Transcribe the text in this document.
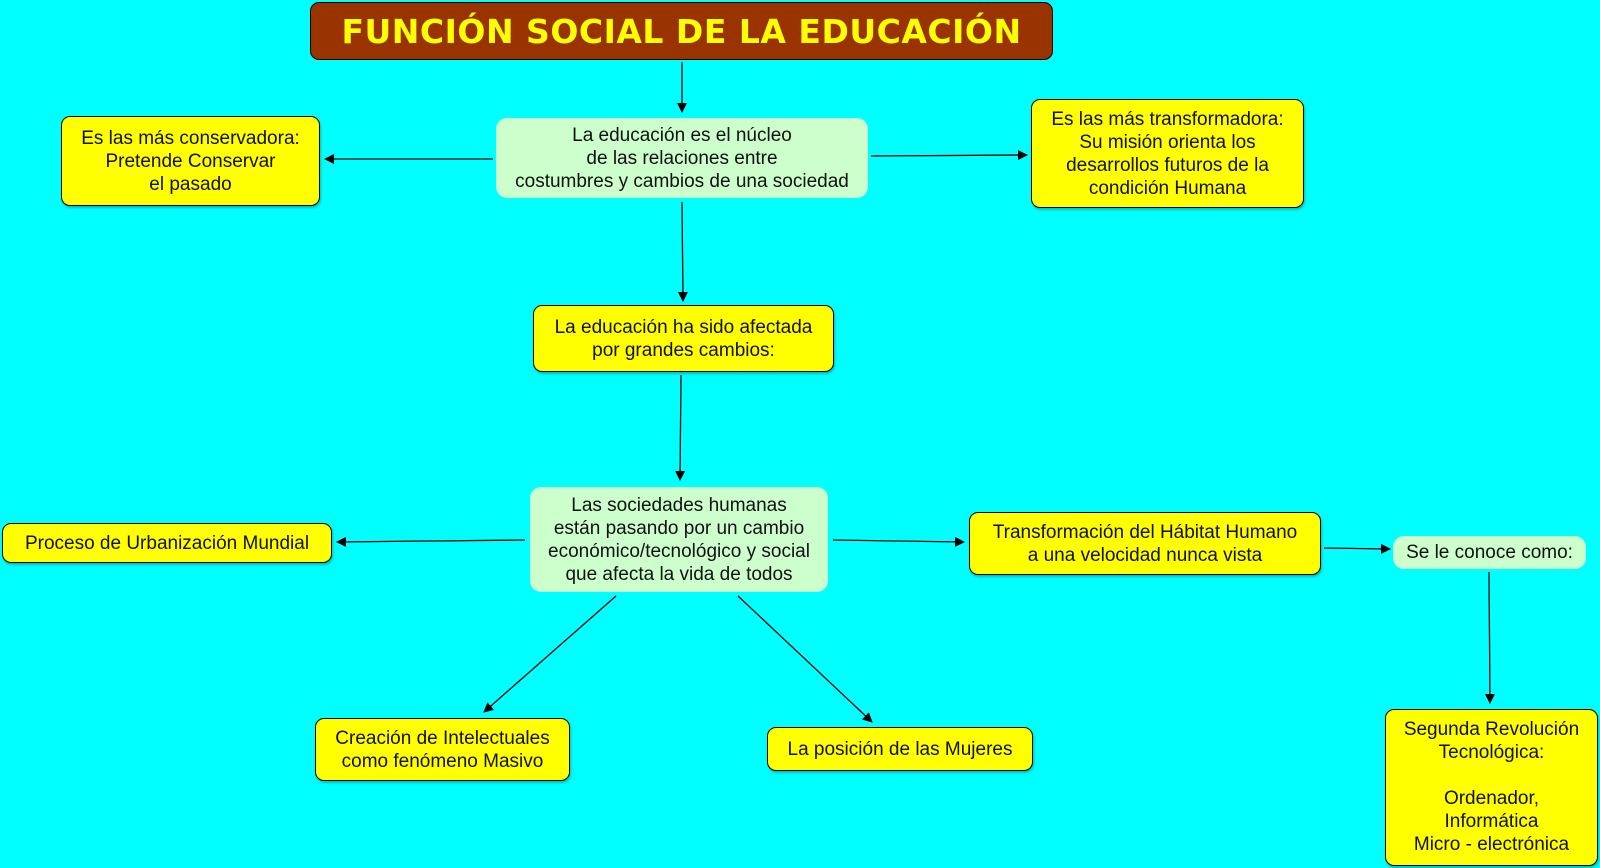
FUNCIÓN SOCIAL DE LA EDUCACIÓN
La educación es el núcleo
de las relaciones entre
costumbres y cambios de una sociedad
Es las más conservadora:
Pretende Conservar
el pasado
Es las más transformadora:
Su misión orienta los
desarrollos futuros de la
condición Humana
La educación ha sido afectada
por grandes cambios:
Las sociedades humanas
están pasando por un cambio
económico/tecnológico y social
que afecta la vida de todos
Proceso de Urbanización Mundial
Transformación del Hábitat Humano
a una velocidad nunca vista	Se le conoce como:
Creación de Intelectuales
como fenómeno Masivo
La posición de las Mujeres
Segunda Revolución
Tecnológica:

Ordenador,
Informática
Micro - electrónica
